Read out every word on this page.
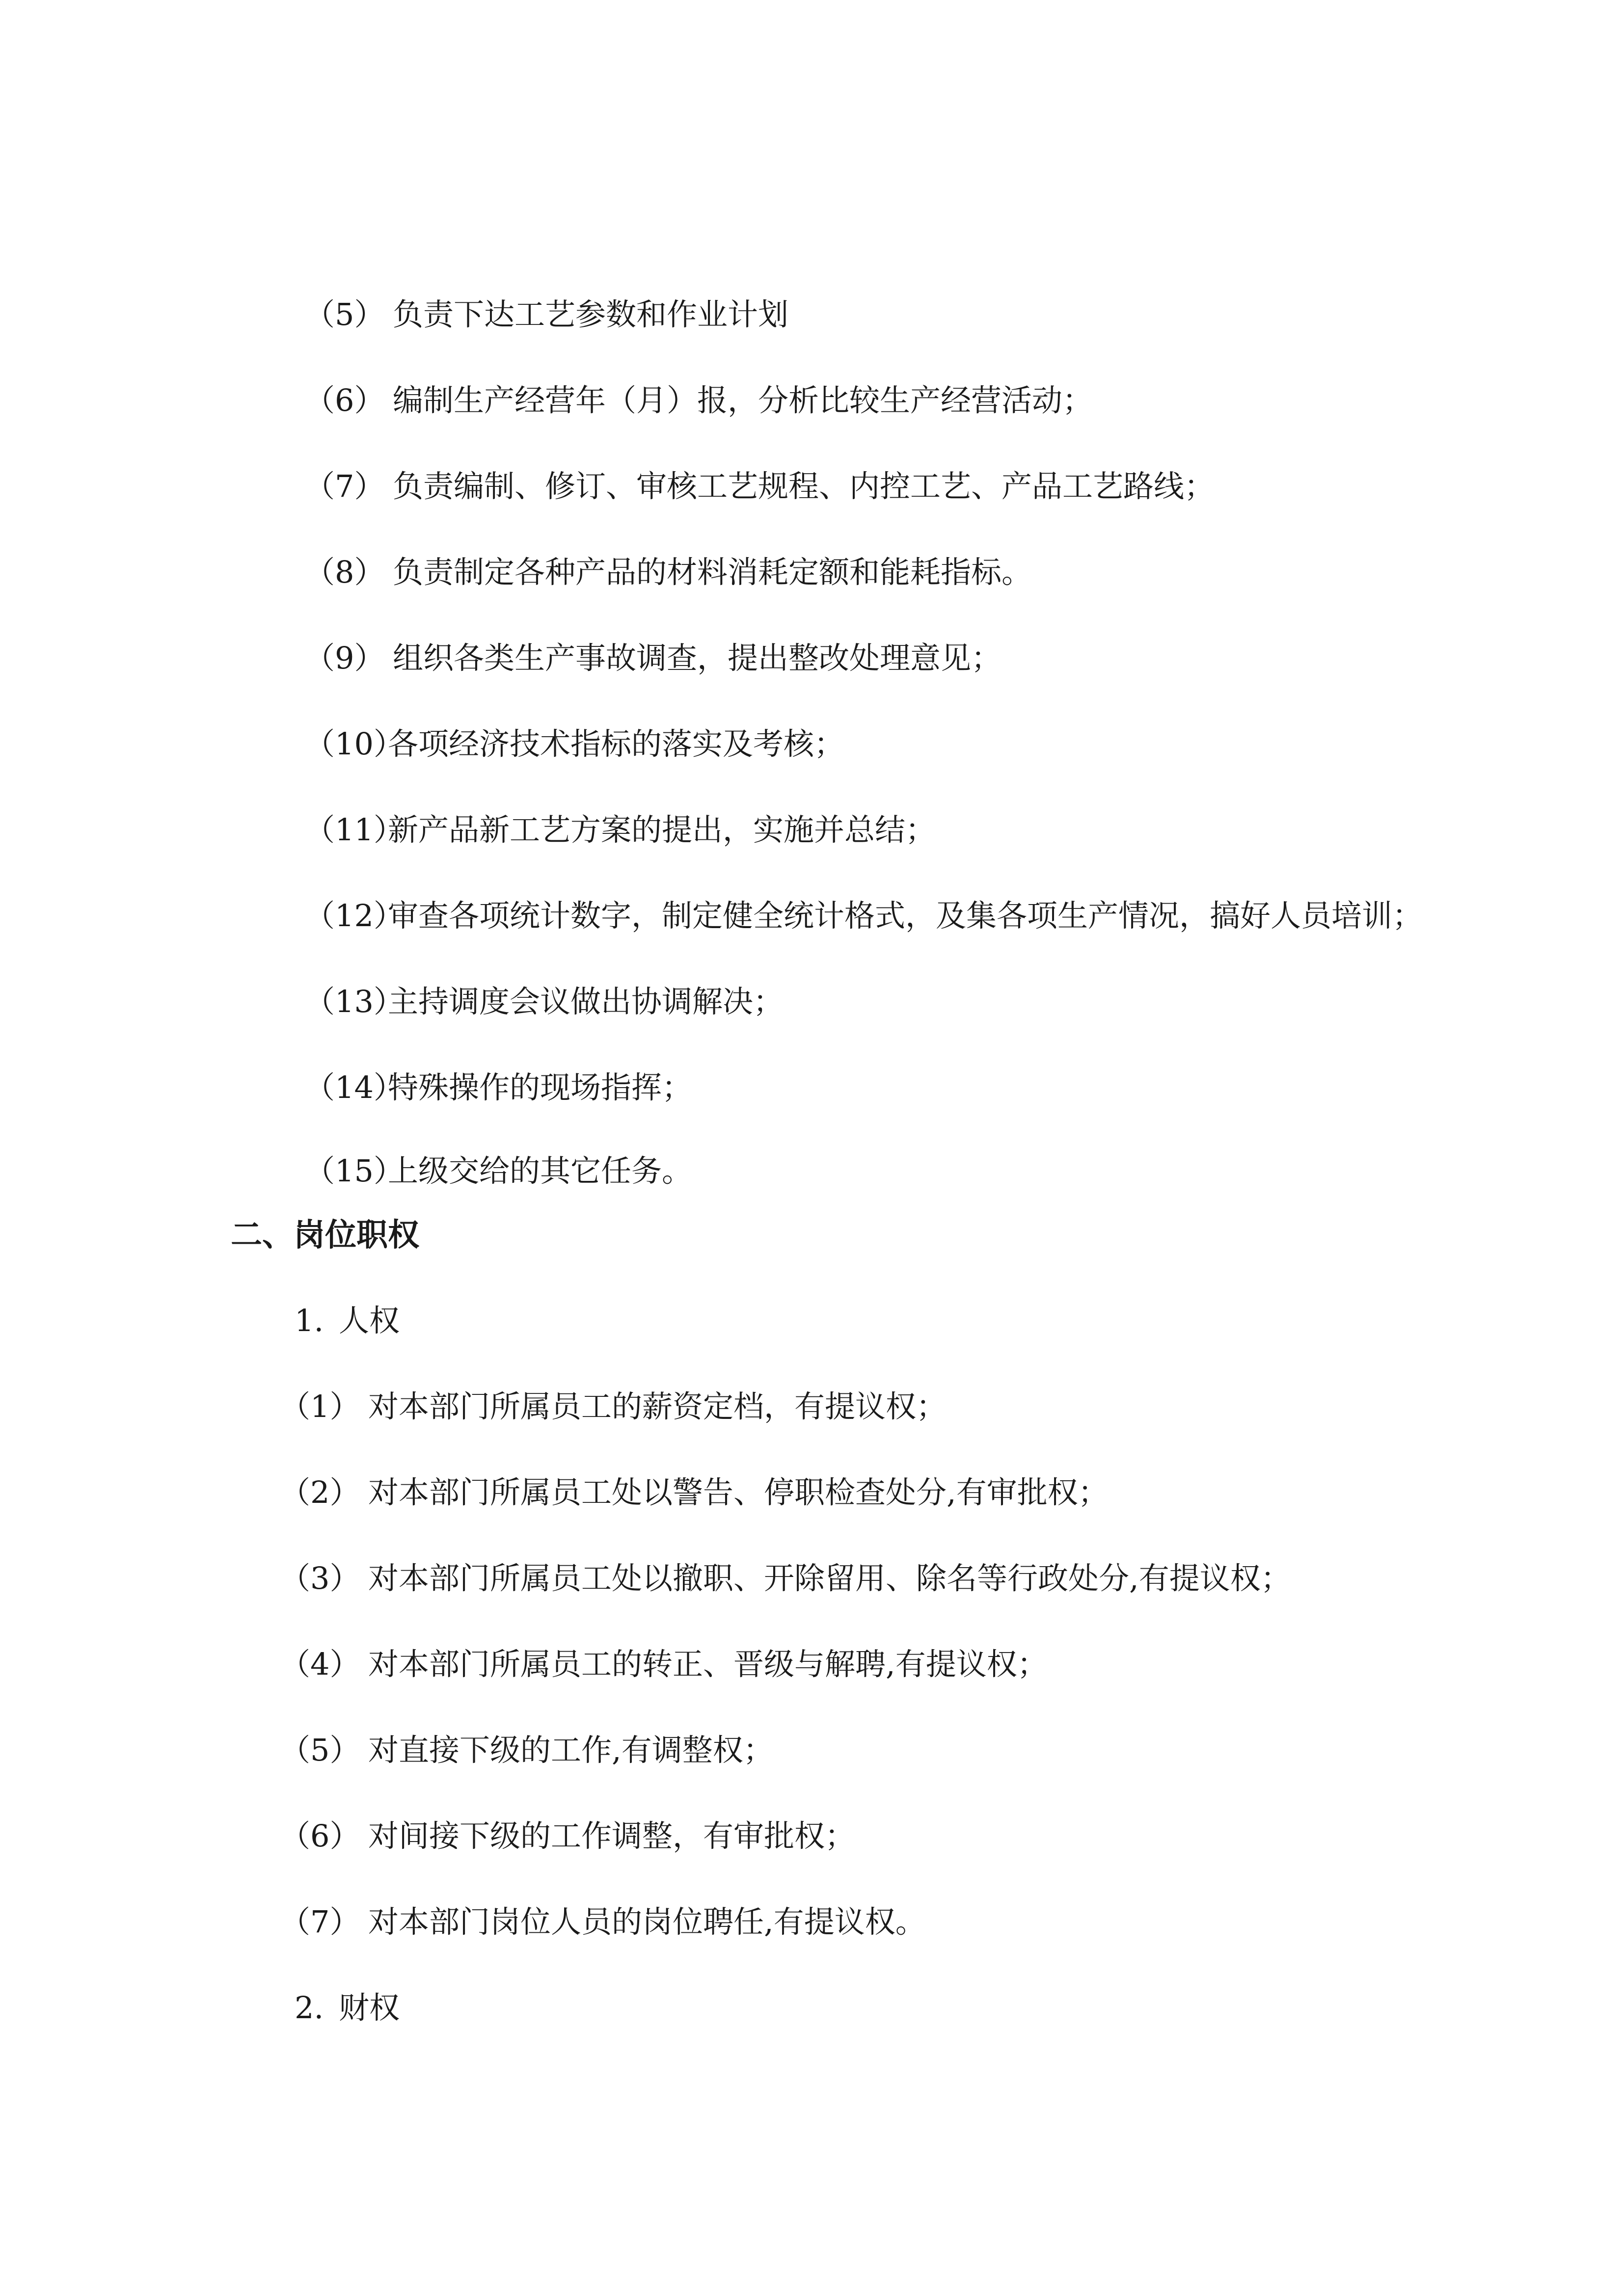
（5） 负责下达工艺参数和作业计划
（6） 编制生产经营年（月）报，分析比较生产经营活动；
（7） 负责编制、修订、审核工艺规程、内控工艺、产品工艺路线；
（8） 负责制定各种产品的材料消耗定额和能耗指标。
（9） 组织各类生产事故调查，提出整改处理意见；
（10）各项经济技术指标的落实及考核；
（11）新产品新工艺方案的提出，实施并总结；
（12）审查各项统计数字，制定健全统计格式，及集各项生产情况，搞好人员培训；
（13）主持调度会议做出协调解决；
（14）特殊操作的现场指挥；
（15）上级交给的其它任务。
二、岗位职权
1. 人权
（1） 对本部门所属员工的薪资定档，有提议权；
（2） 对本部门所属员工处以警告、停职检查处分,有审批权；
（3） 对本部门所属员工处以撤职、开除留用、除名等行政处分,有提议权；
（4） 对本部门所属员工的转正、晋级与解聘,有提议权；
（5） 对直接下级的工作,有调整权；
（6） 对间接下级的工作调整，有审批权；
（7） 对本部门岗位人员的岗位聘任,有提议权。
2. 财权
